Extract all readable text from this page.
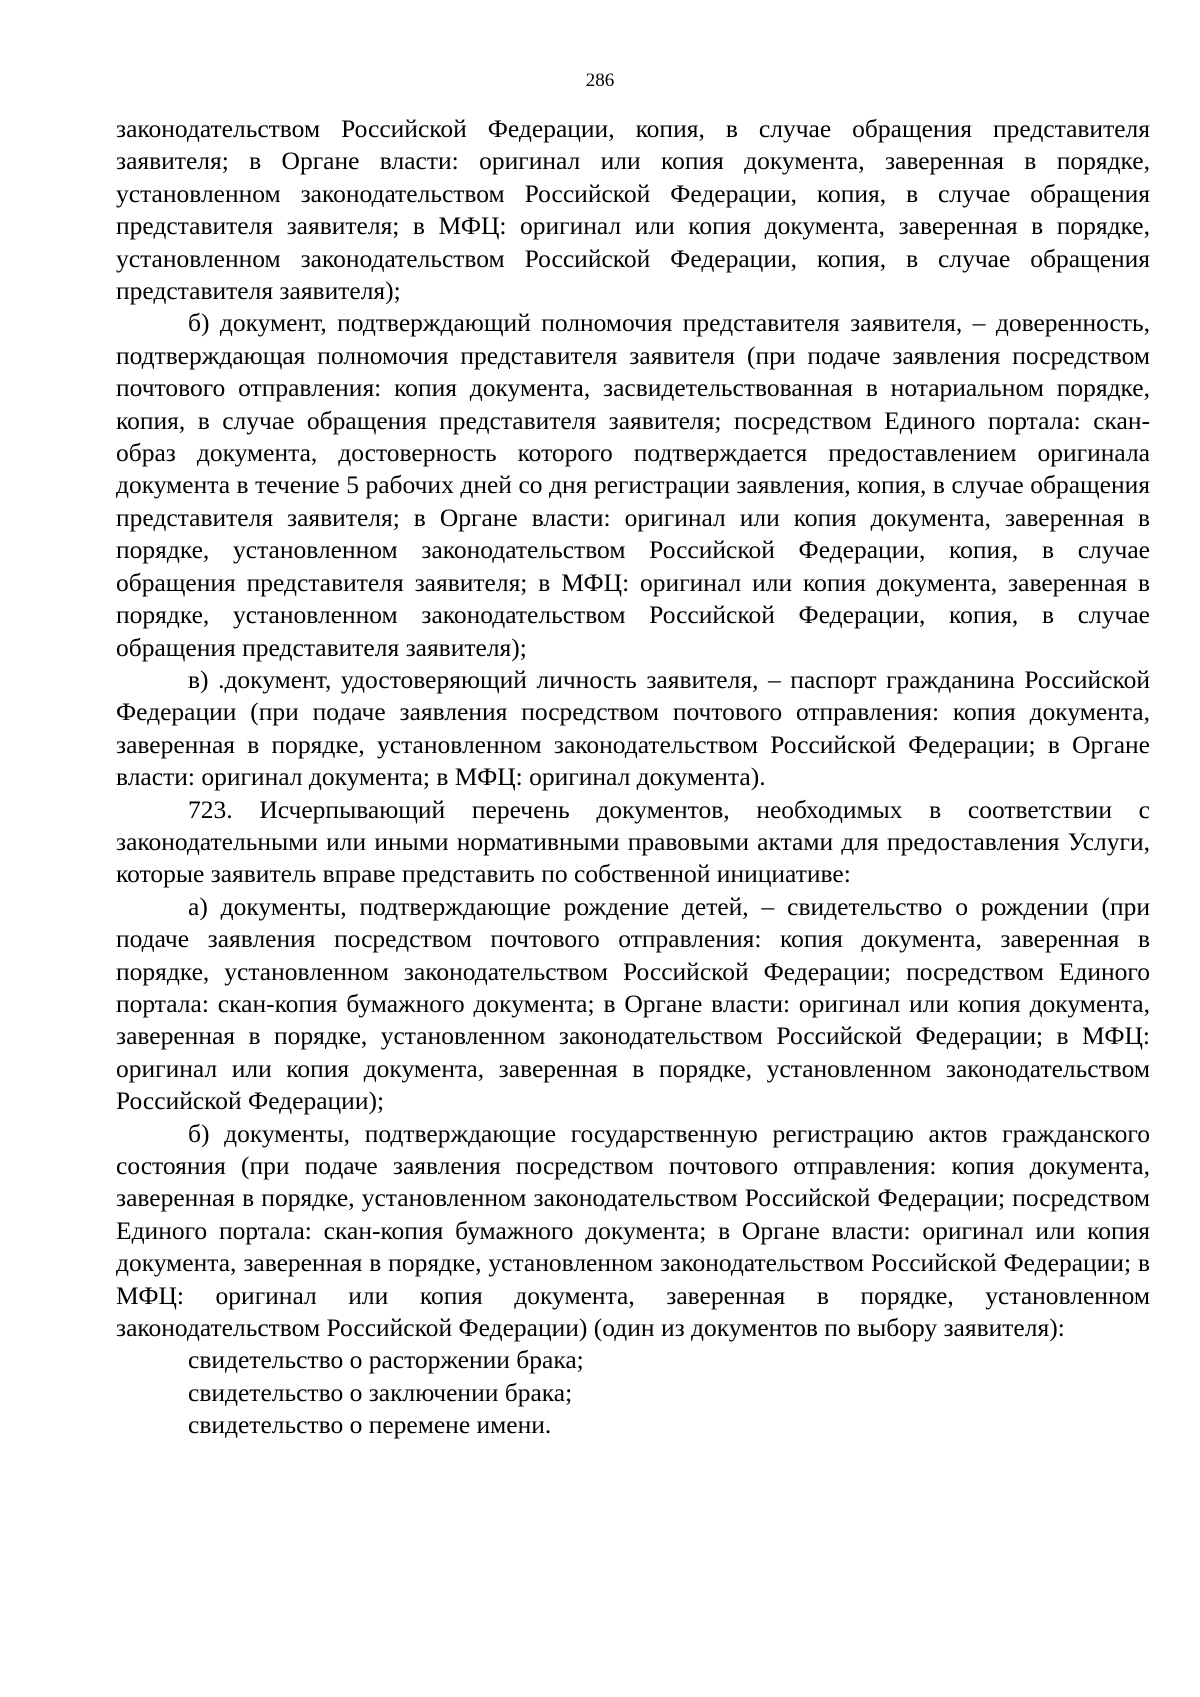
286

законодательством Российской Федерации, копия, в случае обращения представителя заявителя; в Органе власти: оригинал или копия документа, заверенная в порядке, установленном законодательством Российской Федерации, копия, в случае обращения представителя заявителя; в МФЦ: оригинал или копия документа, заверенная в порядке, установленном законодательством Российской Федерации, копия, в случае обращения представителя заявителя);

б) документ, подтверждающий полномочия представителя заявителя, – доверенность, подтверждающая полномочия представителя заявителя (при подаче заявления посредством почтового отправления: копия документа, засвидетельствованная в нотариальном порядке, копия, в случае обращения представителя заявителя; посредством Единого портала: скан-образ документа, достоверность которого подтверждается предоставлением оригинала документа в течение 5 рабочих дней со дня регистрации заявления, копия, в случае обращения представителя заявителя; в Органе власти: оригинал или копия документа, заверенная в порядке, установленном законодательством Российской Федерации, копия, в случае обращения представителя заявителя; в МФЦ: оригинал или копия документа, заверенная в порядке, установленном законодательством Российской Федерации, копия, в случае обращения представителя заявителя);

в) .документ, удостоверяющий личность заявителя, – паспорт гражданина Российской Федерации (при подаче заявления посредством почтового отправления: копия документа, заверенная в порядке, установленном законодательством Российской Федерации; в Органе власти: оригинал документа; в МФЦ: оригинал документа).

723. Исчерпывающий перечень документов, необходимых в соответствии с законодательными или иными нормативными правовыми актами для предоставления Услуги, которые заявитель вправе представить по собственной инициативе:

а) документы, подтверждающие рождение детей, – свидетельство о рождении (при подаче заявления посредством почтового отправления: копия документа, заверенная в порядке, установленном законодательством Российской Федерации; посредством Единого портала: скан-копия бумажного документа; в Органе власти: оригинал или копия документа, заверенная в порядке, установленном законодательством Российской Федерации; в МФЦ: оригинал или копия документа, заверенная в порядке, установленном законодательством Российской Федерации);

б) документы, подтверждающие государственную регистрацию актов гражданского состояния (при подаче заявления посредством почтового отправления: копия документа, заверенная в порядке, установленном законодательством Российской Федерации; посредством Единого портала: скан-копия бумажного документа; в Органе власти: оригинал или копия документа, заверенная в порядке, установленном законодательством Российской Федерации; в МФЦ: оригинал или копия документа, заверенная в порядке, установленном законодательством Российской Федерации) (один из документов по выбору заявителя):

свидетельство о расторжении брака;

свидетельство о заключении брака;

свидетельство о перемене имени.
